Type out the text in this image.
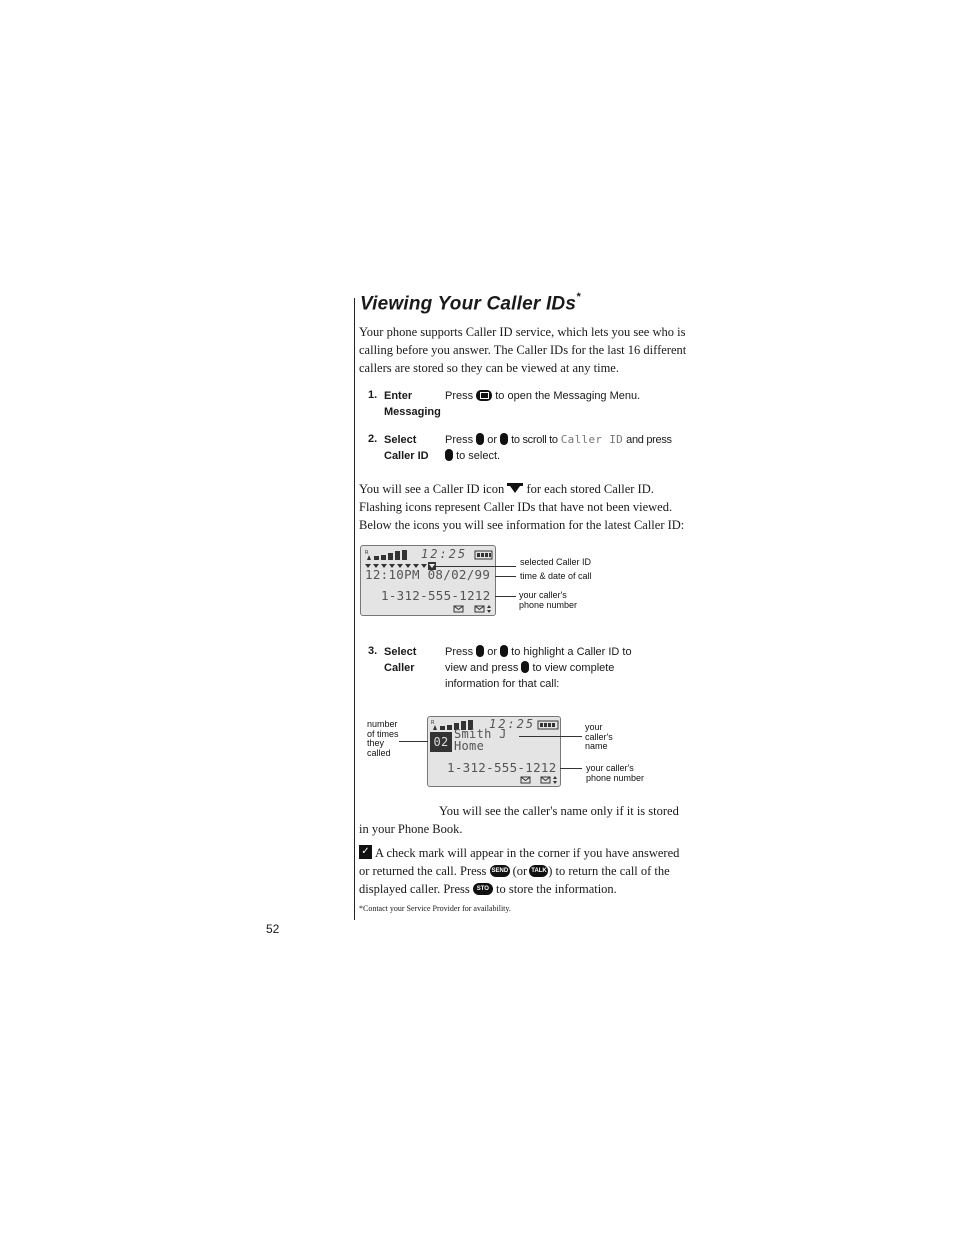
Viewing Your Caller IDs*
Your phone supports Caller ID service, which lets you see who is
calling before you answer. The Caller IDs for the last 16 different
callers are stored so they can be viewed at any time.
1. Enter
Messaging
Press to open the Messaging Menu.
2. Select
Caller ID
Press or to scroll to Caller ID and press
to select.
You will see a Caller ID icon for each stored Caller ID.
Flashing icons represent Caller IDs that have not been viewed.
Below the icons you will see information for the latest Caller ID:
R	12:25
12:10PM 08/02/99
1-312-555-1212
selected Caller ID
time & date of call
your caller's
phone number
3. Select
Caller
Press or to highlight a Caller ID to
view and press to view complete
information for that call:
R	12:25
02
Smith J
Home
1-312-555-1212
number
of times
they
called
your
caller's
name
your caller's
phone number
You will see the caller's name only if it is stored
in your Phone Book.
✓ A check mark will appear in the corner if you have answered
or returned the call. Press SEND (or TALK) to return the call of the
displayed caller. Press STO to store the information.
*Contact your Service Provider for availability.
52
